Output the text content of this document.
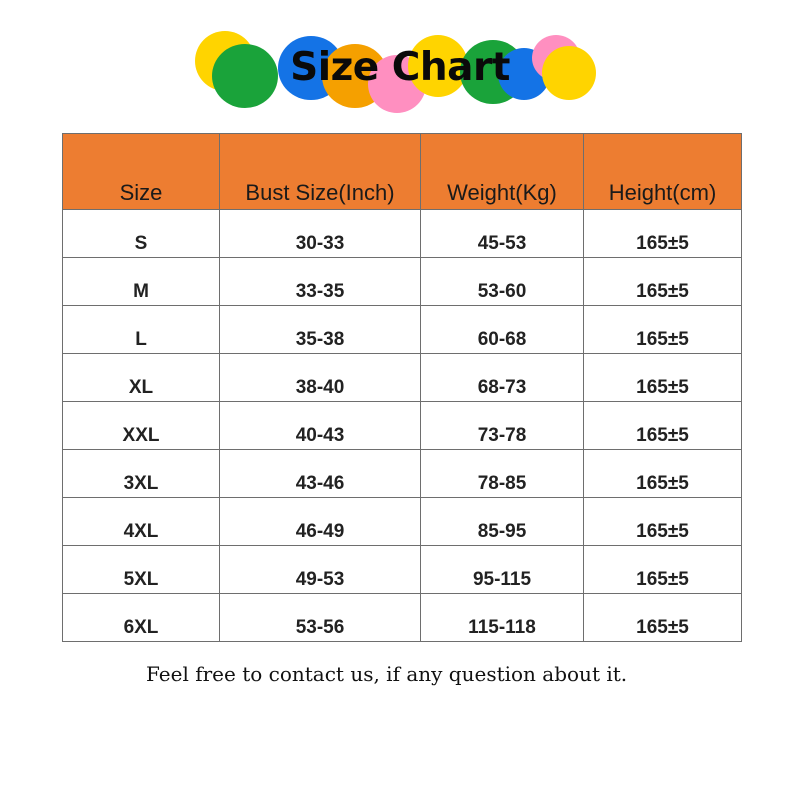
Size Chart
Size	Bust Size(Inch)	Weight(Kg)	Height(cm)
S	30-33	45-53	165±5
M	33-35	53-60	165±5
L	35-38	60-68	165±5
XL	38-40	68-73	165±5
XXL	40-43	73-78	165±5
3XL	43-46	78-85	165±5
4XL	46-49	85-95	165±5
5XL	49-53	95-115	165±5
6XL	53-56	115-118	165±5
Feel free to contact us, if any question about it.
